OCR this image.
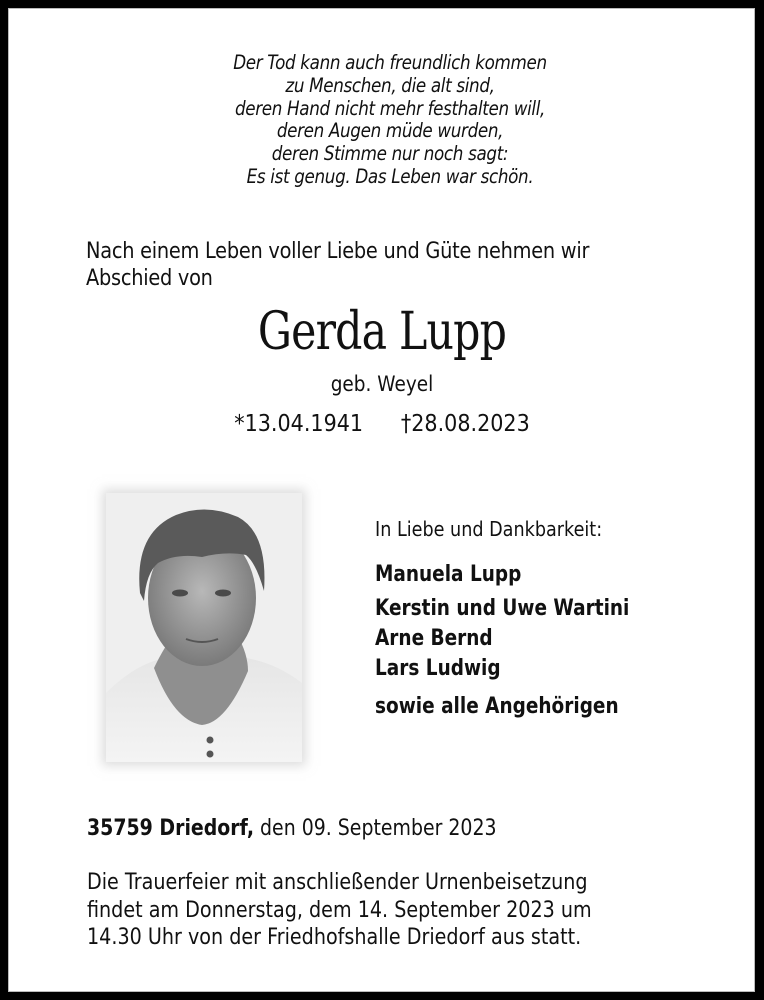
Der Tod kann auch freundlich kommen
zu Menschen, die alt sind,
deren Hand nicht mehr festhalten will,
deren Augen müde wurden,
deren Stimme nur noch sagt:
Es ist genug. Das Leben war schön.
Nach einem Leben voller Liebe und Güte nehmen wir
Abschied von
Gerda Lupp
geb. Weyel
*13.04.1941 †28.08.2023
In Liebe und Dankbarkeit:
Manuela Lupp
Kerstin und Uwe Wartini
Arne Bernd
Lars Ludwig
sowie alle Angehörigen
35759 Driedorf, den 09. September 2023
Die Trauerfeier mit anschließender Urnenbeisetzung
findet am Donnerstag, dem 14. September 2023 um
14.30 Uhr von der Friedhofshalle Driedorf aus statt.
